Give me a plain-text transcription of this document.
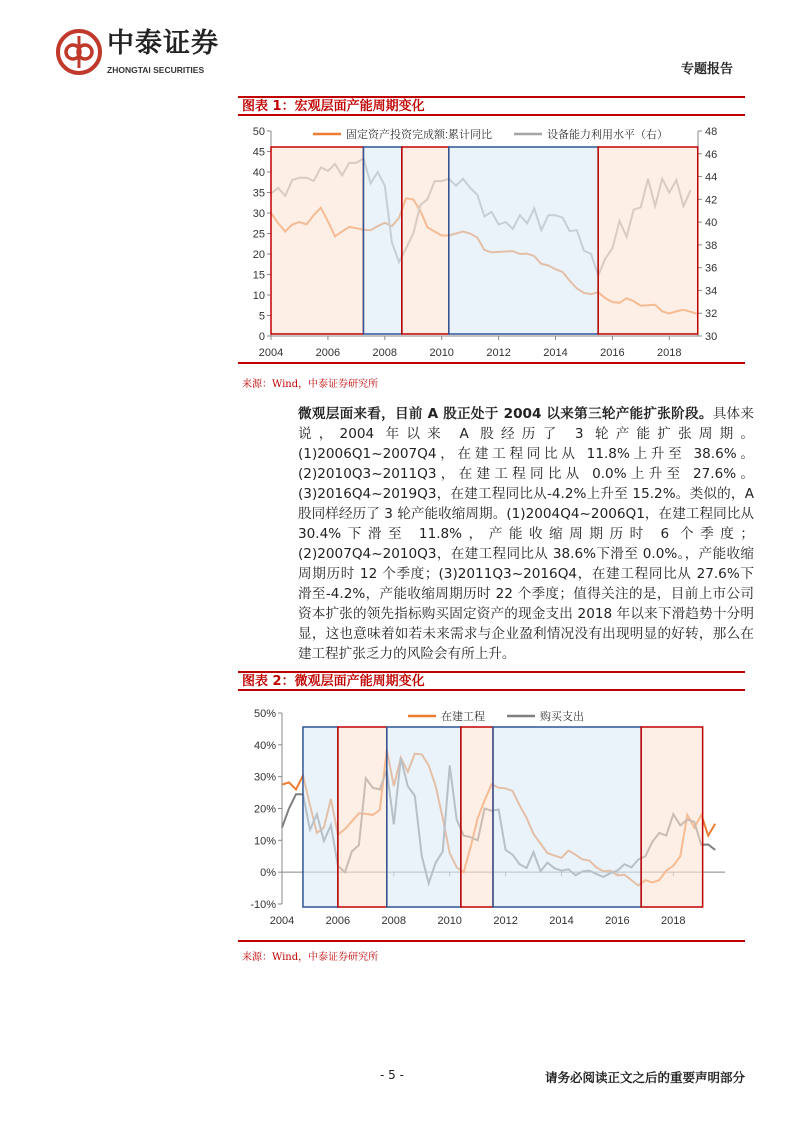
中泰证券
ZHONGTAI SECURITIES	专题报告
图表 1：宏观层面产能周期变化
0
5
10
15
20
25
30
35
40
45
50
30
32
34
36
38
40
42
44
46
48
2004	2006	2008	2010	2012	2014	2016	2018
固定资产投资完成额:累计同比	设备能力利用水平（右）
来源：Wind，中泰证券研究所
微观层面来看，目前 A 股正处于 2004 以来第三轮产能扩张阶段。具体来说，2004 年以来 A 股经历了 3 轮产能扩张周期。(1)2006Q1~2007Q4，在建工程同比从 11.8%上升至 38.6%。(2)2010Q3~2011Q3，在建工程同比从 0.0%上升至 27.6%。(3)2016Q4~2019Q3，在建工程同比从-4.2%上升至 15.2%。类似的，A 股同样经历了 3 轮产能收缩周期。(1)2004Q4~2006Q1，在建工程同比从 30.4%下滑至 11.8%，产能收缩周期历时 6 个季度；(2)2007Q4~2010Q3，在建工程同比从 38.6%下滑至 0.0%。，产能收缩周期历时 12 个季度；(3)2011Q3~2016Q4，在建工程同比从 27.6%下滑至-4.2%，产能收缩周期历时 22 个季度；值得关注的是，目前上市公司资本扩张的领先指标购买固定资产的现金支出 2018 年以来下滑趋势十分明显，这也意味着如若未来需求与企业盈利情况没有出现明显的好转，那么在建工程扩张乏力的风险会有所上升。
图表 2：微观层面产能周期变化
-10%
0%
10%
20%
30%
40%
50%
2004	2006	2008	2010	2012	2014	2016	2018
在建工程	购买支出
来源：Wind，中泰证券研究所
- 5 -	请务必阅读正文之后的重要声明部分
